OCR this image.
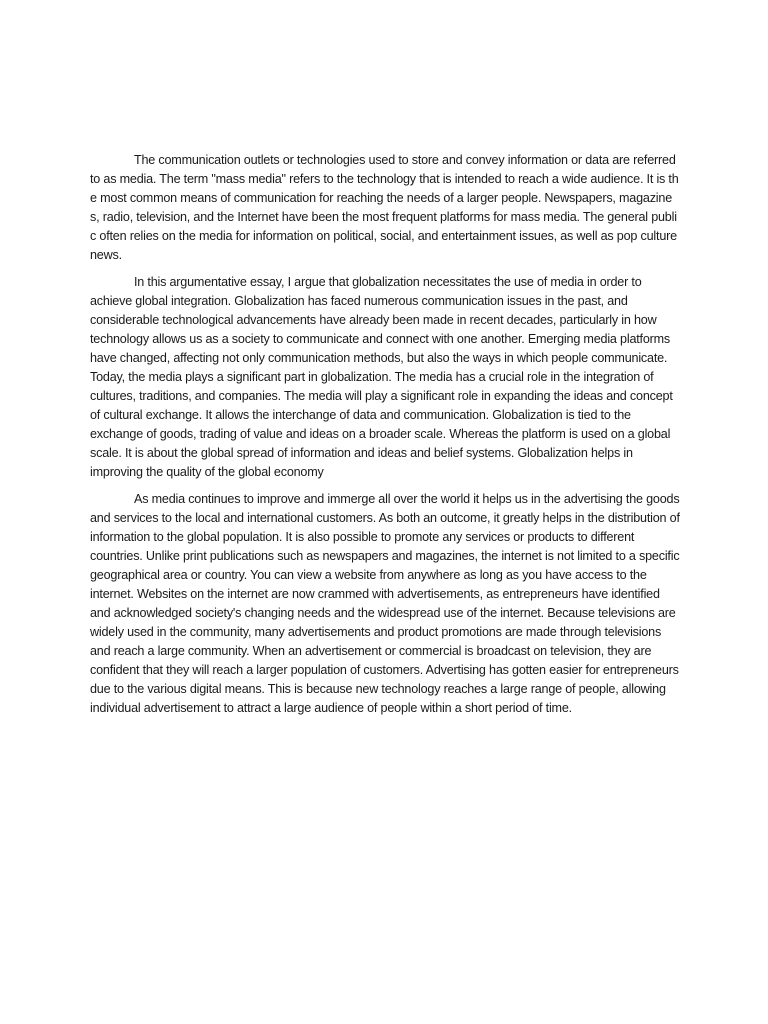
The communication outlets or technologies used to store and convey information or data are referred to as media. The term "mass media" refers to the technology that is intended to reach a wide audience. It is the most common means of communication for reaching the needs of a larger people. Newspapers, magazines, radio, television, and the Internet have been the most frequent platforms for mass media. The general public often relies on the media for information on political, social, and entertainment issues, as well as pop culture news.

In this argumentative essay, I argue that globalization necessitates the use of media in order to achieve global integration. Globalization has faced numerous communication issues in the past, and considerable technological advancements have already been made in recent decades, particularly in how technology allows us as a society to communicate and connect with one another. Emerging media platforms have changed, affecting not only communication methods, but also the ways in which people communicate. Today, the media plays a significant part in globalization. The media has a crucial role in the integration of cultures, traditions, and companies. The media will play a significant role in expanding the ideas and concept of cultural exchange. It allows the interchange of data and communication. Globalization is tied to the exchange of goods, trading of value and ideas on a broader scale. Whereas the platform is used on a global scale. It is about the global spread of information and ideas and belief systems. Globalization helps in improving the quality of the global economy

As media continues to improve and immerge all over the world it helps us in the advertising the goods and services to the local and international customers. As both an outcome, it greatly helps in the distribution of information to the global population. It is also possible to promote any services or products to different countries. Unlike print publications such as newspapers and magazines, the internet is not limited to a specific geographical area or country. You can view a website from anywhere as long as you have access to the internet. Websites on the internet are now crammed with advertisements, as entrepreneurs have identified and acknowledged society's changing needs and the widespread use of the internet. Because televisions are widely used in the community, many advertisements and product promotions are made through televisions and reach a large community. When an advertisement or commercial is broadcast on television, they are confident that they will reach a larger population of customers. Advertising has gotten easier for entrepreneurs due to the various digital means. This is because new technology reaches a large range of people, allowing individual advertisement to attract a large audience of people within a short period of time.
